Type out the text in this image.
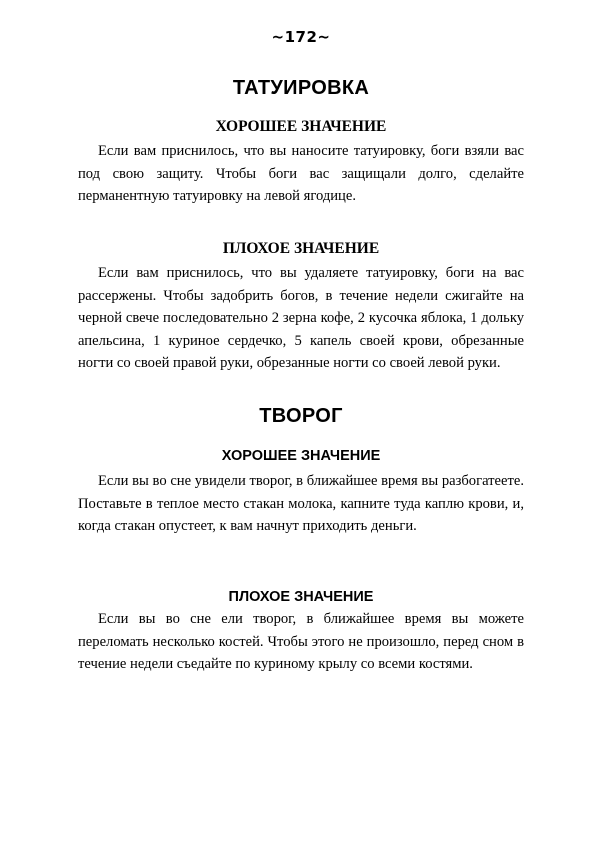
~172~
ТАТУИРОВКА
ХОРОШЕЕ ЗНАЧЕНИЕ

Если вам приснилось, что вы наносите татуировку, боги взяли вас под свою защиту. Чтобы боги вас защищали долго, сделайте перманентную татуировку на левой ягодице.

ПЛОХОЕ ЗНАЧЕНИЕ

Если вам приснилось, что вы удаляете татуировку, боги на вас рассержены. Чтобы задобрить богов, в течение недели сжигайте на черной свече последовательно 2 зерна кофе, 2 кусочка яблока, 1 дольку апельсина, 1 куриное сердечко, 5 капель своей крови, обрезанные ногти со своей правой руки, обрезанные ногти со своей левой руки.

ТВОРОГ
ХОРОШЕЕ ЗНАЧЕНИЕ

Если вы во сне увидели творог, в ближайшее время вы разбогатеете. Поставьте в теплое место стакан молока, капните туда каплю крови, и, когда стакан опустеет, к вам начнут приходить деньги.

ПЛОХОЕ ЗНАЧЕНИЕ

Если вы во сне ели творог, в ближайшее время вы можете переломать несколько костей. Чтобы этого не произошло, перед сном в течение недели съедайте по куриному крылу со всеми костями.
